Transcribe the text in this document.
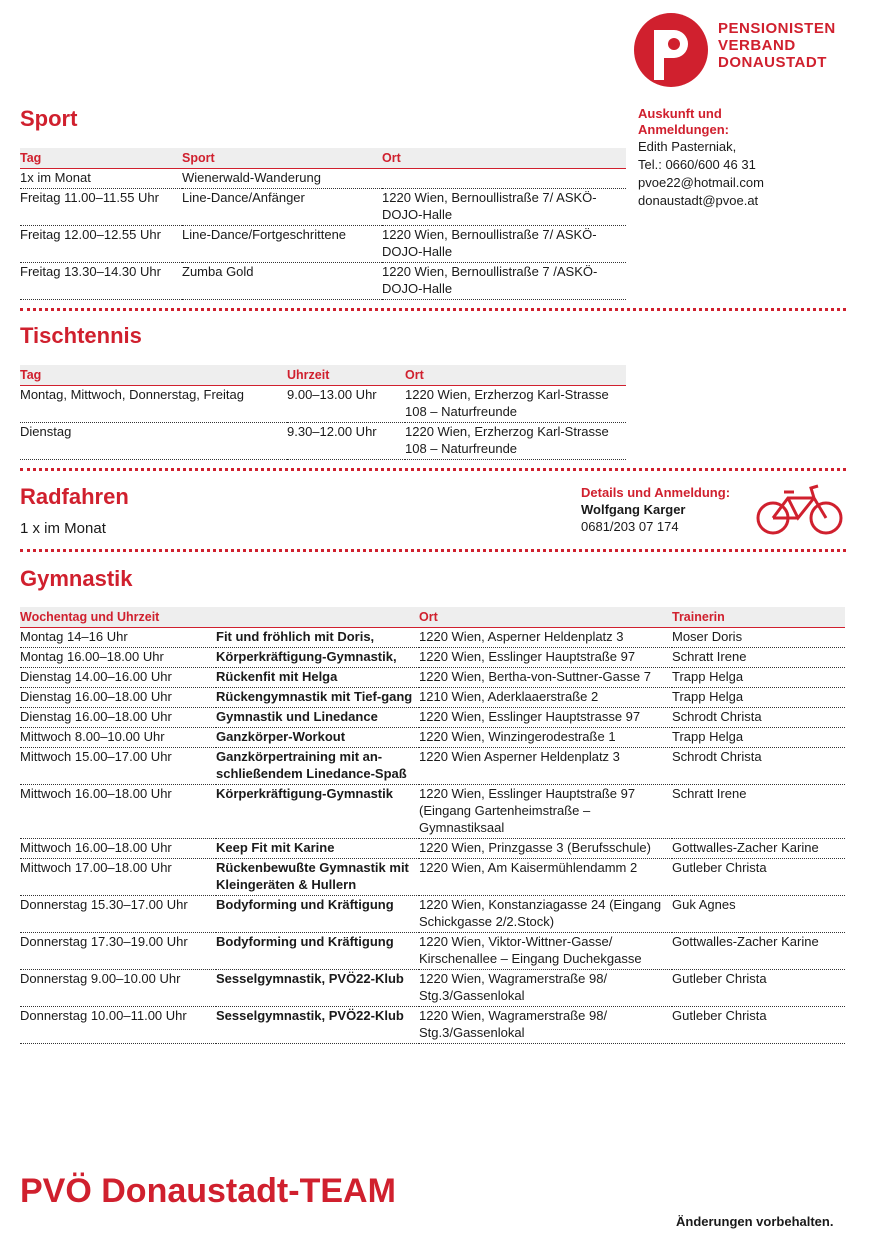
PENSIONISTEN
VERBAND
DONAUSTADT
Auskunft und Anmeldungen:
Edith Pasterniak,
Tel.: 0660/600 46 31
pvoe22@hotmail.com
donaustadt@pvoe.at
Sport
Tag	Sport	Ort
1x im Monat	Wienerwald-Wanderung	
Freitag 11.00–11.55 Uhr	Line-Dance/Anfänger	1220 Wien, Bernoullistraße 7/ ASKÖ-DOJO-Halle
Freitag 12.00–12.55 Uhr	Line-Dance/Fortgeschrittene	1220 Wien, Bernoullistraße 7/ ASKÖ-DOJO-Halle
Freitag 13.30–14.30 Uhr	Zumba Gold	1220 Wien, Bernoullistraße 7 /ASKÖ-DOJO-Halle
Tischtennis
Tag	Uhrzeit	Ort
Montag, Mittwoch, Donnerstag, Freitag	9.00–13.00 Uhr	1220 Wien, Erzherzog Karl-Strasse 108 – Naturfreunde
Dienstag	9.30–12.00 Uhr	1220 Wien, Erzherzog Karl-Strasse 108 – Naturfreunde
Radfahren
1 x im Monat
Details und Anmeldung:
Wolfgang Karger
0681/203 07 174
Gymnastik
Wochentag und Uhrzeit		Ort	Trainerin
Montag 14–16 Uhr	Fit und fröhlich mit Doris,	1220 Wien, Asperner Heldenplatz 3	Moser Doris
Montag 16.00–18.00 Uhr	Körperkräftigung-Gymnastik,	1220 Wien, Esslinger Hauptstraße 97	Schratt Irene
Dienstag 14.00–16.00 Uhr	Rückenfit mit Helga	1220 Wien, Bertha-von-Suttner-Gasse 7	Trapp Helga
Dienstag 16.00–18.00 Uhr	Rückengymnastik mit Tief-gang	1210 Wien, Aderklaaerstraße 2	Trapp Helga
Dienstag 16.00–18.00 Uhr	Gymnastik und Linedance	1220 Wien, Esslinger Hauptstrasse 97	Schrodt Christa
Mittwoch 8.00–10.00 Uhr	Ganzkörper-Workout	1220 Wien, Winzingerodestraße 1	Trapp Helga
Mittwoch 15.00–17.00 Uhr	Ganzkörpertraining mit an-schließendem Linedance-Spaß	1220 Wien Asperner Heldenplatz 3	Schrodt Christa
Mittwoch 16.00–18.00 Uhr	Körperkräftigung-Gymnastik	1220 Wien, Esslinger Hauptstraße 97 (Eingang Gartenheimstraße – Gymnastiksaal	Schratt Irene
Mittwoch 16.00–18.00 Uhr	Keep Fit mit Karine	1220 Wien, Prinzgasse 3 (Berufsschule)	Gottwalles-Zacher Karine
Mittwoch 17.00–18.00 Uhr	Rückenbewußte Gymnastik mit Kleingeräten & Hullern	1220 Wien, Am Kaisermühlendamm 2	Gutleber Christa
Donnerstag 15.30–17.00 Uhr	Bodyforming und Kräftigung	1220 Wien, Konstanziagasse 24 (Eingang Schickgasse 2/2.Stock)	Guk Agnes
Donnerstag 17.30–19.00 Uhr	Bodyforming und Kräftigung	1220 Wien, Viktor-Wittner-Gasse/ Kirschenallee – Eingang Duchekgasse	Gottwalles-Zacher Karine
Donnerstag 9.00–10.00 Uhr	Sesselgymnastik, PVÖ22-Klub	1220 Wien, Wagramerstraße 98/ Stg.3/Gassenlokal	Gutleber Christa
Donnerstag 10.00–11.00 Uhr	Sesselgymnastik, PVÖ22-Klub	1220 Wien, Wagramerstraße 98/ Stg.3/Gassenlokal	Gutleber Christa
PVÖ Donaustadt-TEAM
Änderungen vorbehalten.
